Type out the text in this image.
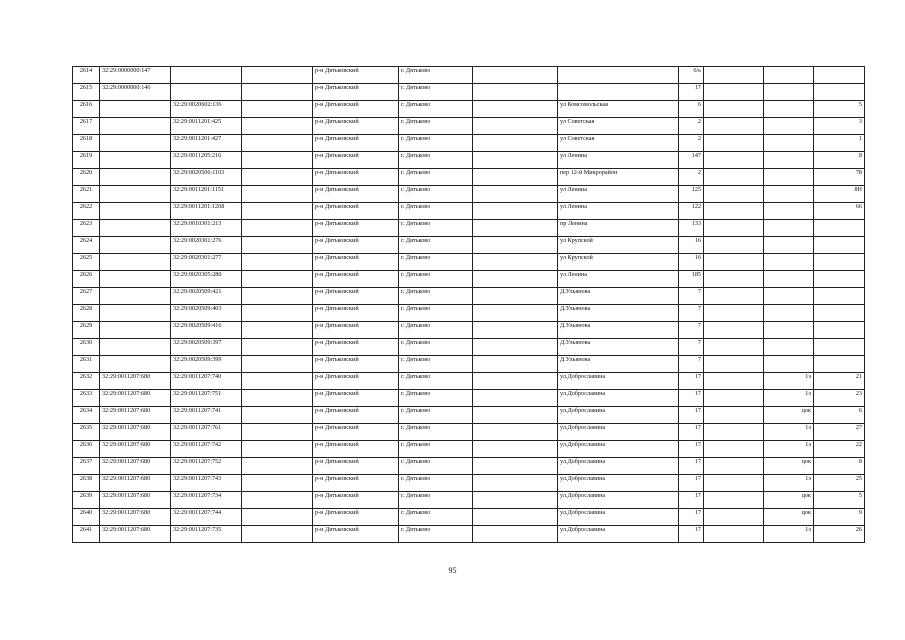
2614	32:29:0000000:147			р-н Дятьковский	г. Дятьково			6/ь			
2615	32:29:0000000:146			р-н Дятьковский	г. Дятьково			17			
2616		32:29:0020602:136		р-н Дятьковский	г. Дятьково		ул Комсомольская	6			5
2617		32:29:0011201:425		р-н Дятьковский	г. Дятьково		ул Советская	2			3
2618		32:29:0011201:427		р-н Дятьковский	г. Дятьково		ул Советская	2			1
2619		32:29:0011205:216		р-н Дятьковский	г. Дятьково		ул Ленина	147			8
2620		32:29:0020506:1103		р-н Дятьковский	г. Дятьково		пер 12-й Микрорайон	2			78
2621		32:29:0011201:1151		р-н Дятьковский	г. Дятьково		ул Ленина	125			8Н
2622		32:29:0011201:1208		р-н Дятьковский	г. Дятьково		ул Ленина	122			66
2623		32:29:0010301:213		р-н Дятьковский	г. Дятьково		пр Ленина	133			
2624		32:29:0020301:276		р-н Дятьковский	г. Дятьково		ул Крупской	16			
2625		32:29:0020301:277		р-н Дятьковский	г. Дятьково		ул Крупской	16			
2626		32:29:0020305:280		р-н Дятьковский	г. Дятьково		ул Ленина	185			
2627		32:29:0020509:421		р-н Дятьковский	г. Дятьково		Д.Ульянова	7			
2628		32:29:0020509:403		р-н Дятьковский	г. Дятьково		Д.Ульянова	7			
2629		32:29:0020509:416		р-н Дятьковский	г. Дятьково		Д.Ульянова	7			
2630		32:29:0020509:397		р-н Дятьковский	г. Дятьково		Д.Ульянова	7			
2631		32:29:0020509:399		р-н Дятьковский	г. Дятьково		Д.Ульянова	7			
2632	32:29:0011207:680	32:29:0011207:740		р-н Дятьковский	г. Дятьково		ул.Доброславина	17		1э	21
2633	32:29:0011207:680	32:29:0011207:751		р-н Дятьковский	г. Дятьково		ул.Доброславина	17		1э	23
2634	32:29:0011207:680	32:29:0011207:741		р-н Дятьковский	г. Дятьково		ул.Доброславина	17		цок	6
2635	32:29:0011207:680	32:29:0011207:761		р-н Дятьковский	г. Дятьково		ул.Доброславина	17		1э	27
2636	32:29:0011207:680	32:29:0011207:742		р-н Дятьковский	г. Дятьково		ул.Доброславина	17		1э	22
2637	32:29:0011207:680	32:29:0011207:752		р-н Дятьковский	г. Дятьково		ул.Доброславина	17		цок	8
2638	32:29:0011207:680	32:29:0011207:743		р-н Дятьковский	г. Дятьково		ул.Доброславина	17		1э	25
2639	32:29:0011207:680	32:29:0011207:734		р-н Дятьковский	г. Дятьково		ул.Доброславина	17		цок	5
2640	32:29:0011207:680	32:29:0011207:744		р-н Дятьковский	г. Дятьково		ул.Доброславина	17		цок	9
2641	32:29:0011207:680	32:29:0011207:735		р-н Дятьковский	г. Дятьково		ул.Доброславина	17		1э	26
95
